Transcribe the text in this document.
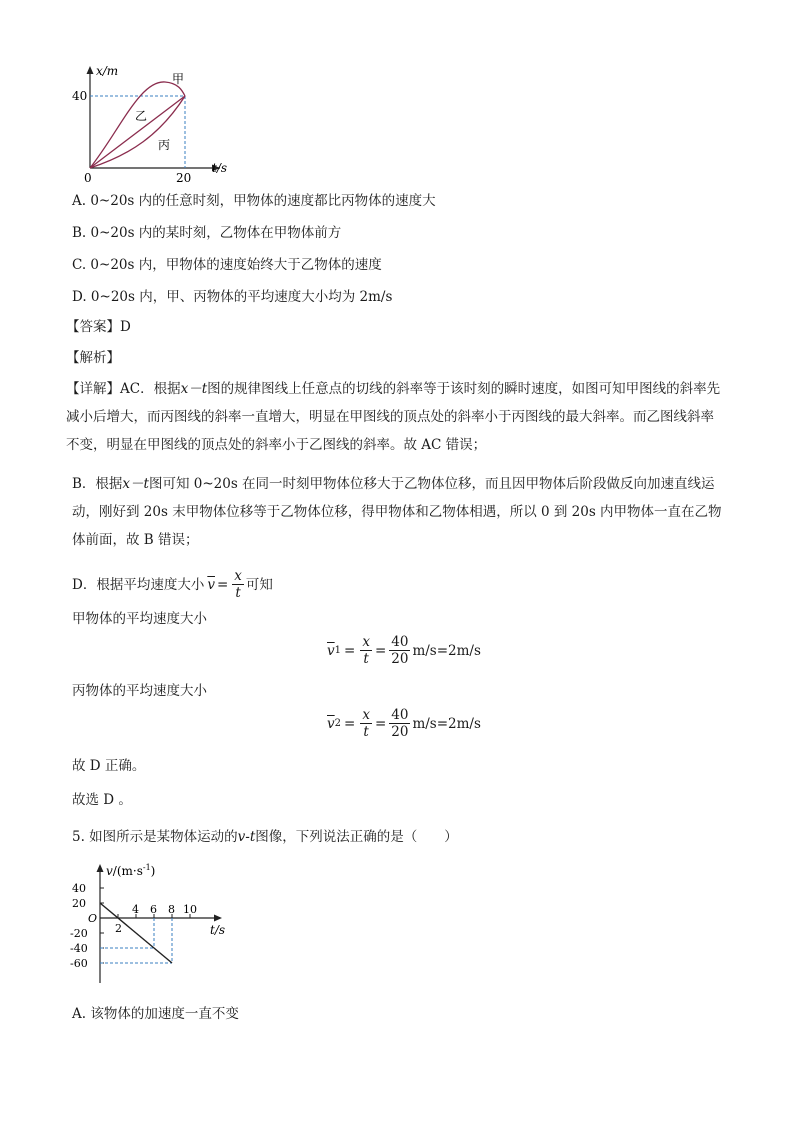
x/m
t/s
40
20
0
甲
乙
丙
A. 0~20s 内的任意时刻，甲物体的速度都比丙物体的速度大
B. 0~20s 内的某时刻，乙物体在甲物体前方
C. 0~20s 内，甲物体的速度始终大于乙物体的速度
D. 0~20s 内，甲、丙物体的平均速度大小均为 2m/s
【答案】D
【解析】
【详解】AC．根据x－t图的规律图线上任意点的切线的斜率等于该时刻的瞬时速度，如图可知甲图线的斜率先减小后增大，而丙图线的斜率一直增大，明显在甲图线的顶点处的斜率小于丙图线的最大斜率。而乙图线斜率不变，明显在甲图线的顶点处的斜率小于乙图线的斜率。故 AC 错误；
B．根据x－t图可知 0~20s 在同一时刻甲物体位移大于乙物体位移，而且因甲物体后阶段做反向加速直线运动，刚好到 20s 末甲物体位移等于乙物体位移，得甲物体和乙物体相遇，所以 0 到 20s 内甲物体一直在乙物体前面，故 B 错误；
D．根据平均速度大小 $\overline{v} = \frac{x}{t}$ 可知
甲物体的平均速度大小
$\overline{v}$ $1 = \frac{x}{t} = \frac{40}{20} m/s=2m/s$
丙物体的平均速度大小
$\overline{v}$ $2 = \frac{x}{t} = \frac{40}{20} m/s=2m/s$
故 D 正确。
故选 D 。
5. 如图所示是某物体运动的v-t图像，下列说法正确的是（　　）
$v/(m\cdot s^{-1})$
40
20
O
-20
-40
-60
2
4 6 8 10
t/s
A. 该物体的加速度一直不变
